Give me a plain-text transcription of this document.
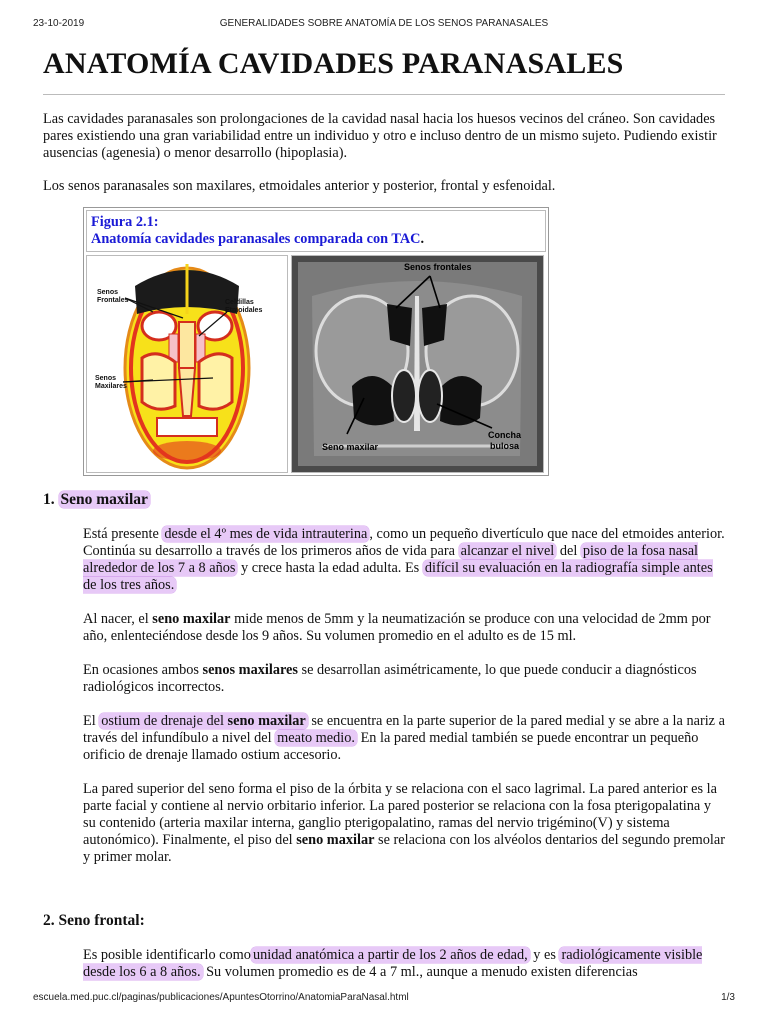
23-10-2019	GENERALIDADES SOBRE ANATOMÍA DE LOS SENOS PARANASALES
ANATOMÍA CAVIDADES PARANASALES

Las cavidades paranasales son prolongaciones de la cavidad nasal hacia los huesos vecinos del cráneo. Son cavidades pares existiendo una gran variabilidad entre un individuo y otro e incluso dentro de un mismo sujeto. Pudiendo existir ausencias (agenesia) o menor desarrollo (hipoplasia).

Los senos paranasales son maxilares, etmoidales anterior y posterior, frontal y esfenoidal.

Figura 2.1:
Anatomía cavidades paranasales comparada con TAC.
Senos Frontales	Celdillas Etmoidales
Senos Maxilares
Senos frontales
Seno maxilar
Concha
bulosa
1. Seno maxilar

Está presente desde el 4º mes de vida intrauterina , como un pequeño divertículo que nace del etmoides anterior. Continúa su desarrollo a través de los primeros años de vida para alcanzar el nivel del piso de la fosa nasal alrededor de los 7 a 8 años y crece hasta la edad adulta. Es difícil su evaluación en la radiografía simple antes de los tres años.

Al nacer, el seno maxilar mide menos de 5mm y la neumatización se produce con una velocidad de 2mm por año, enlenteciéndose desde los 9 años. Su volumen promedio en el adulto es de 15 ml.

En ocasiones ambos senos maxilares se desarrollan asimétricamente, lo que puede conducir a diagnósticos radiológicos incorrectos.

El ostium de drenaje del seno maxilar se encuentra en la parte superior de la pared medial y se abre a la nariz a través del infundíbulo a nivel del meato medio. En la pared medial también se puede encontrar un pequeño orificio de drenaje llamado ostium accesorio.

La pared superior del seno forma el piso de la órbita y se relaciona con el saco lagrimal. La pared anterior es la parte facial y contiene al nervio orbitario inferior. La pared posterior se relaciona con la fosa pterigopalatina y su contenido (arteria maxilar interna, ganglio pterigopalatino, ramas del nervio trigémino(V) y sistema autonómico). Finalmente, el piso del seno maxilar se relaciona con los alvéolos dentarios del segundo premolar y primer molar.

2. Seno frontal:

Es posible identificarlo como unidad anatómica a partir de los 2 años de edad, y es radiológicamente visible desde los 6 a 8 años. Su volumen promedio es de 4 a 7 ml., aunque a menudo existen diferencias

escuela.med.puc.cl/paginas/publicaciones/ApuntesOtorrino/AnatomiaParaNasal.html	1/3
